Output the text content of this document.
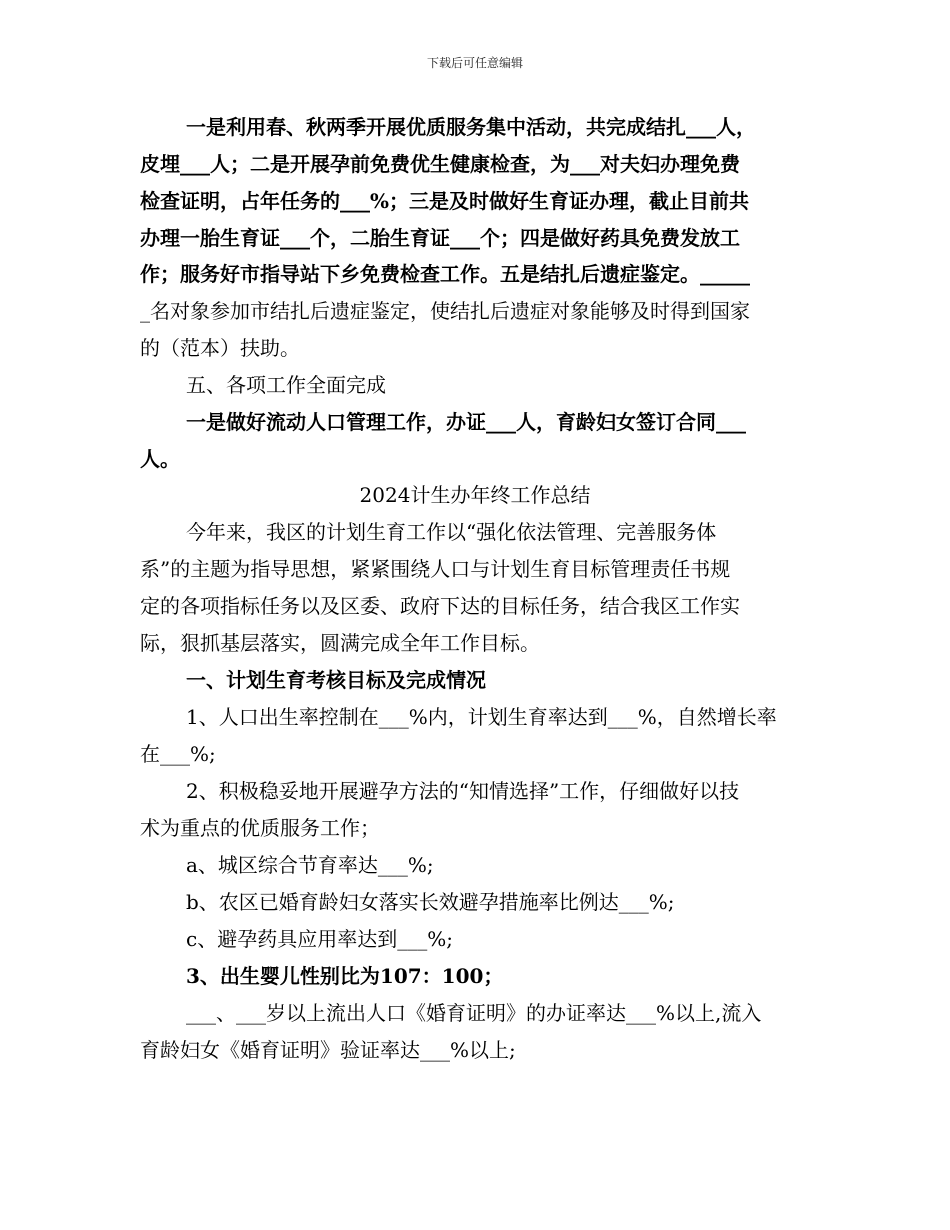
下载后可任意编辑
一是利用春、秋两季开展优质服务集中活动，共完成结扎___人，
皮埋___人；二是开展孕前免费优生健康检查，为___对夫妇办理免费
检查证明，占年任务的___%；三是及时做好生育证办理，截止目前共
办理一胎生育证___个，二胎生育证___个；四是做好药具免费发放工
作；服务好市指导站下乡免费检查工作。五是结扎后遗症鉴定。_____
_名对象参加市结扎后遗症鉴定，使结扎后遗症对象能够及时得到国家
的（范本）扶助。
五、各项工作全面完成
一是做好流动人口管理工作，办证___人，育龄妇女签订合同___
人。
2024计生办年终工作总结
今年来，我区的计划生育工作以“强化依法管理、完善服务体
系”的主题为指导思想，紧紧围绕人口与计划生育目标管理责任书规
定的各项指标任务以及区委、政府下达的目标任务，结合我区工作实
际，狠抓基层落实，圆满完成全年工作目标。
一、计划生育考核目标及完成情况
1、人口出生率控制在___%内，计划生育率达到___%，自然增长率
在___%;
2、积极稳妥地开展避孕方法的“知情选择”工作，仔细做好以技
术为重点的优质服务工作；
a、城区综合节育率达___%;
b、农区已婚育龄妇女落实长效避孕措施率比例达___%;
c、避孕药具应用率达到___%;
3、出生婴儿性别比为107：100；
___、___岁以上流出人口《婚育证明》的办证率达___%以上,流入
育龄妇女《婚育证明》验证率达___%以上;
